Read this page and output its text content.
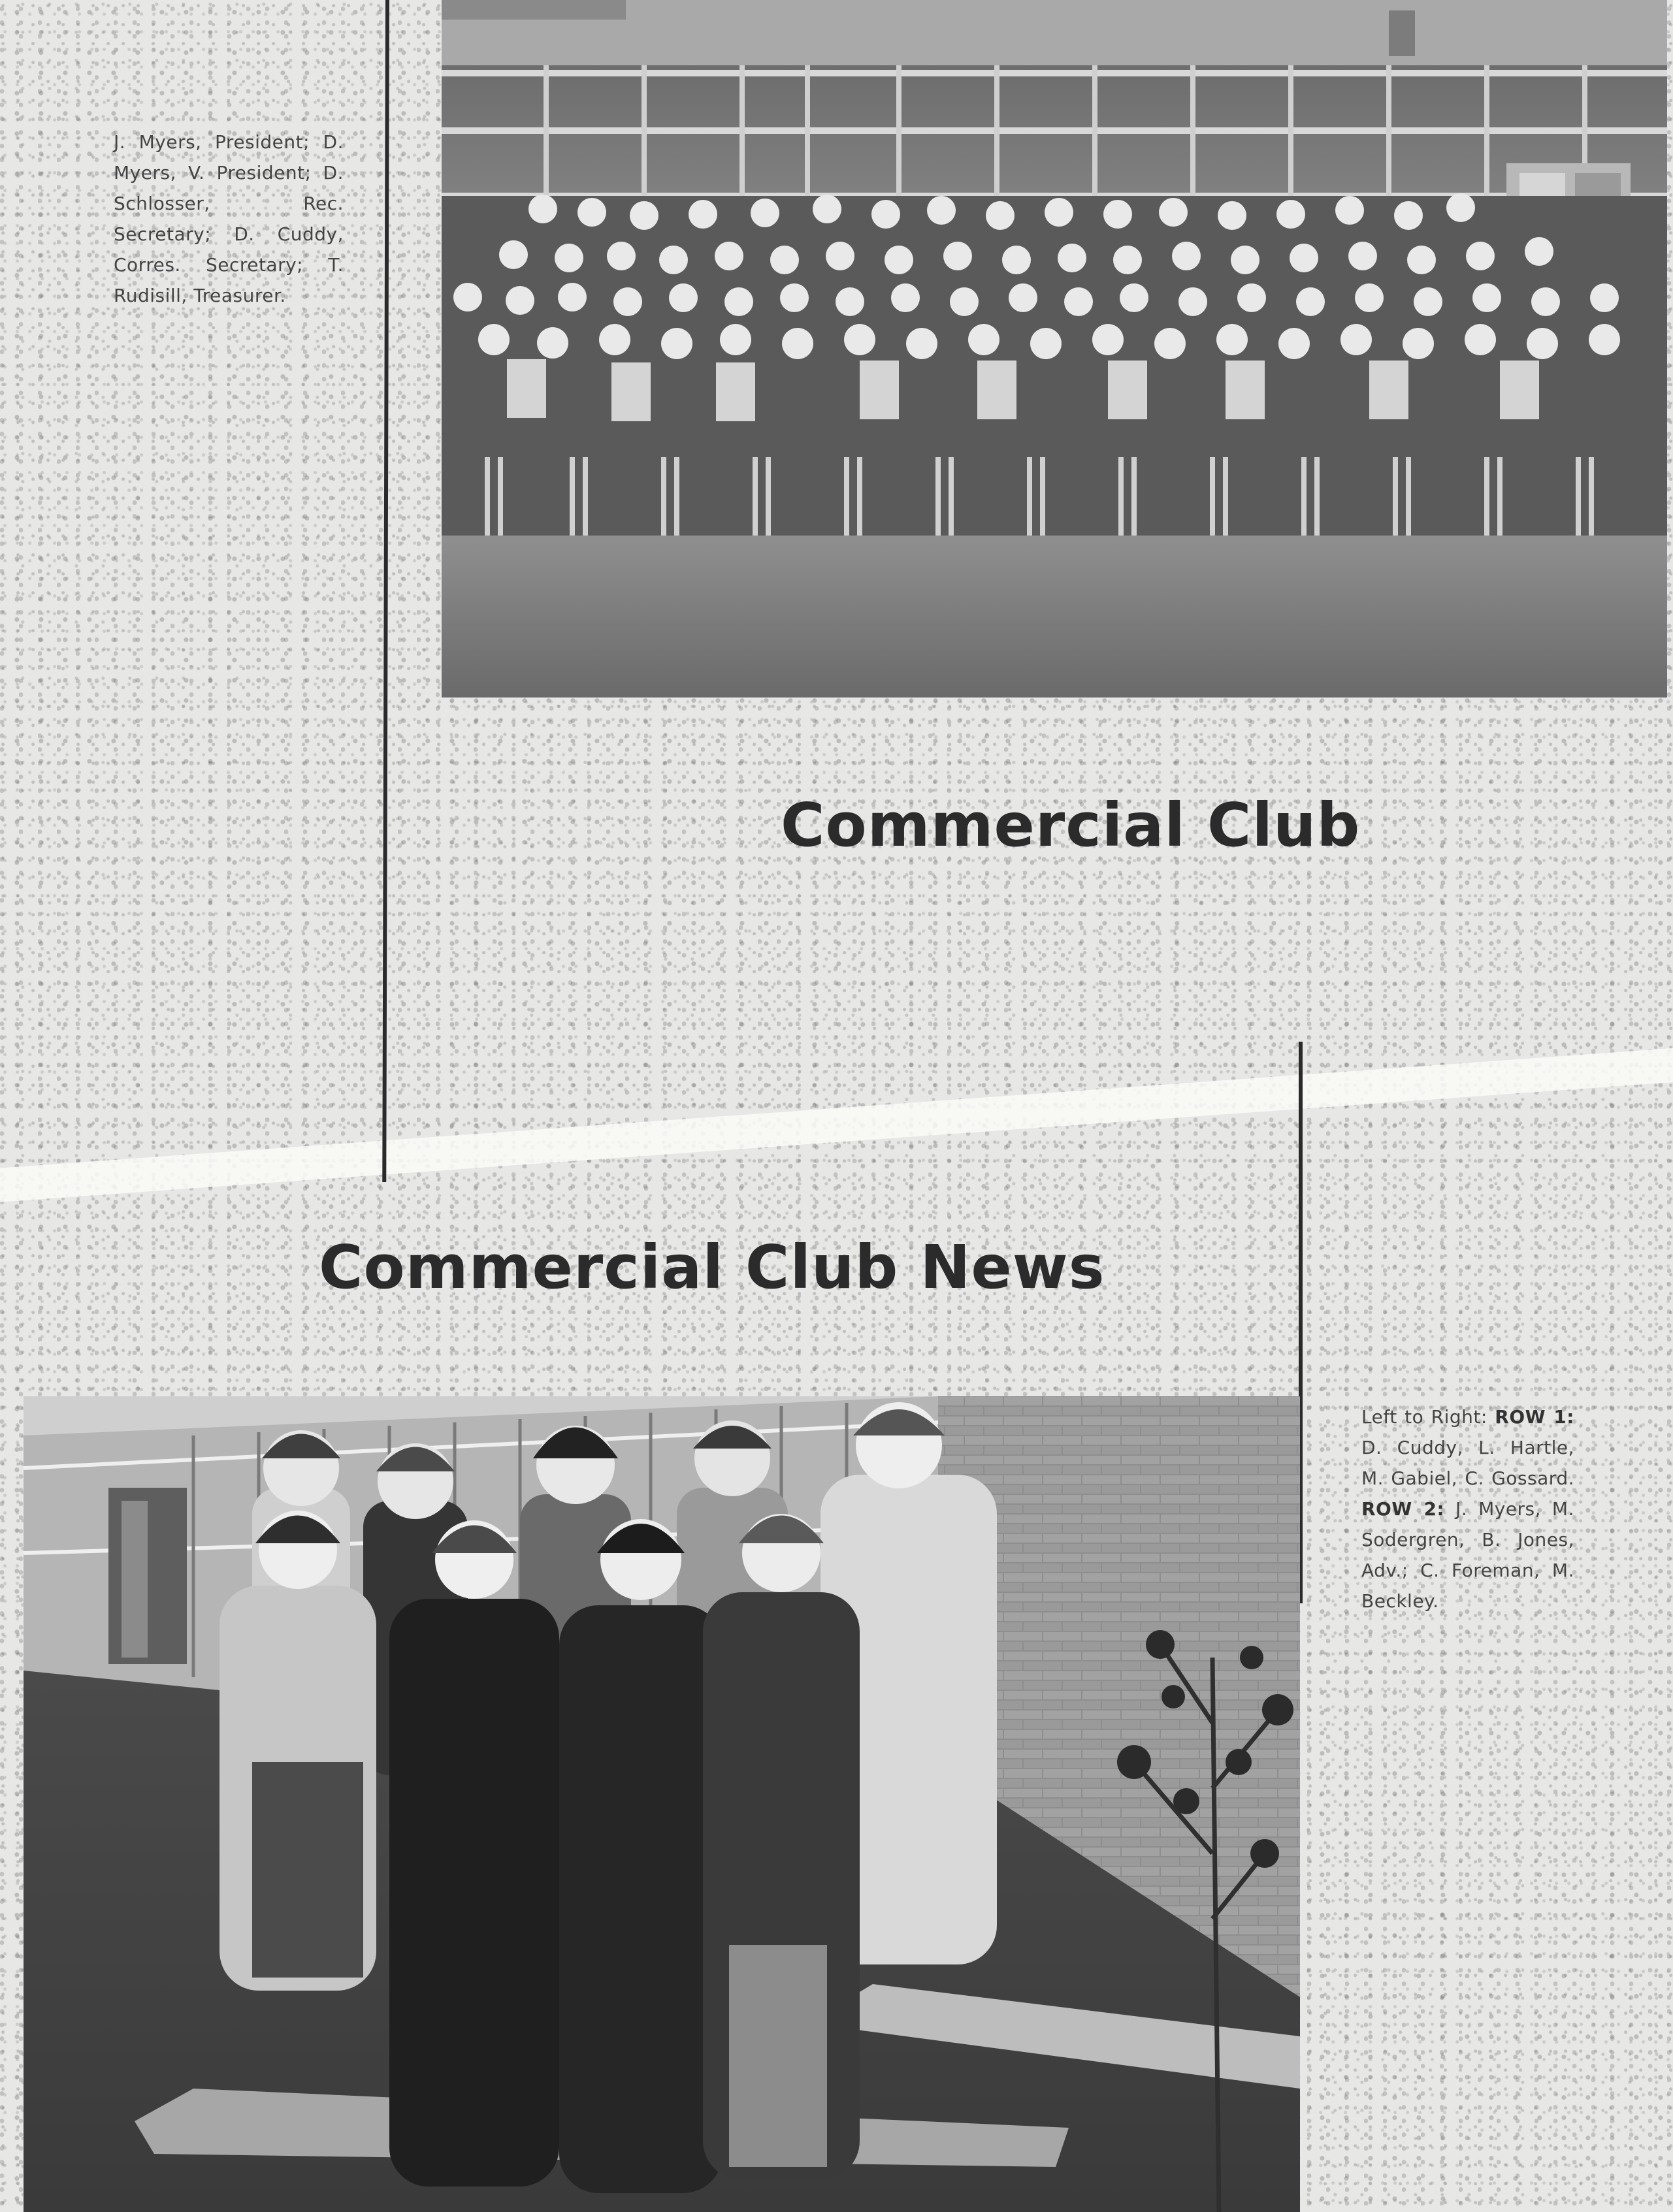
J. Myers, President; D. Myers, V. President; D. Schlosser, Rec. Secretary; D. Cuddy, Corres. Secretary; T. Rudisill, Treasurer.
Commercial Club
Commercial Club News
Left to Right: ROW 1: D. Cuddy, L. Hartle, M. Gabiel, C. Gossard. ROW 2: J. Myers, M. Sodergren, B. Jones, Adv.; C. Foreman, M. Beckley.
